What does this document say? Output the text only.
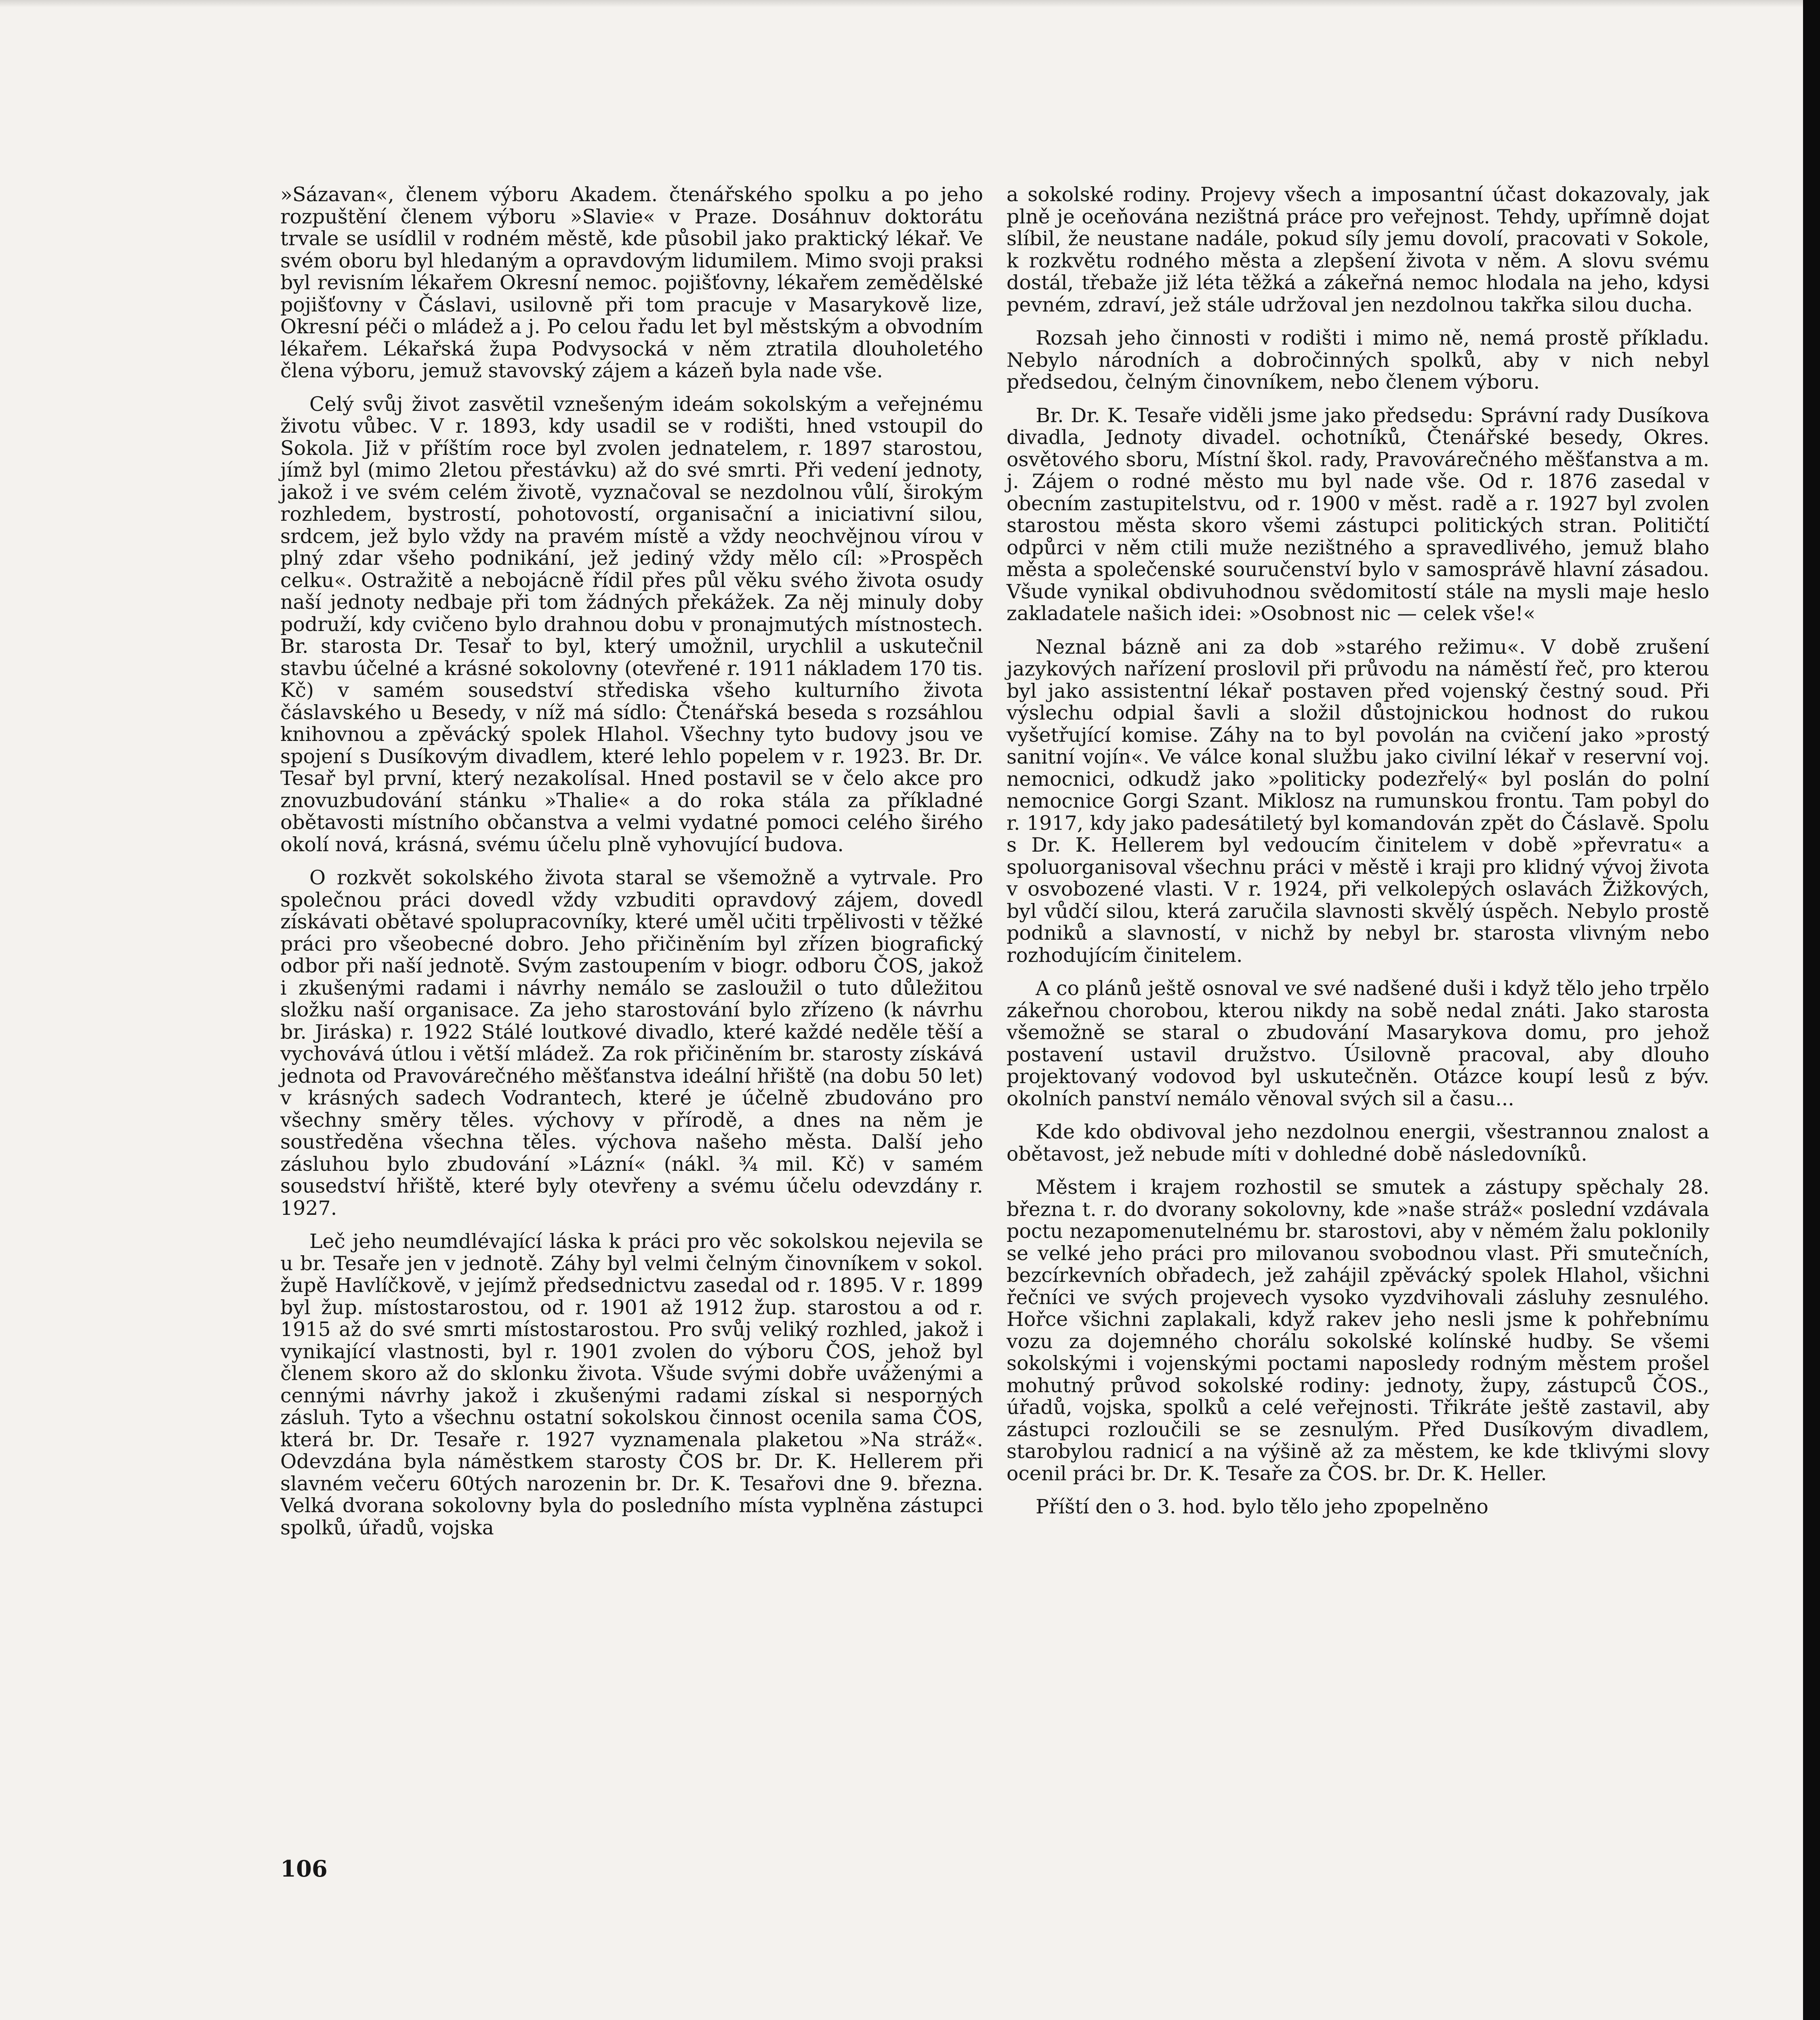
»Sázavan«, členem výboru Akadem. čtenářského spolku a po jeho rozpuštění členem výboru »Slavie« v Praze. Dosáhnuv doktorátu trvale se usídlil v rodném městě, kde působil jako praktický lékař. Ve svém oboru byl hledaným a opravdovým lidumilem. Mimo svoji praksi byl revisním lékařem Okresní nemoc. pojišťovny, lékařem zemědělské pojišťovny v Čáslavi, usilovně při tom pracuje v Masarykově lize, Okresní péči o mládež a j. Po celou řadu let byl městským a obvodním lékařem. Lékařská župa Podvysocká v něm ztratila dlouholetého člena výboru, jemuž stavovský zájem a kázeň byla nade vše.

Celý svůj život zasvětil vznešeným ideám sokolským a veřejnému životu vůbec. V r. 1893, kdy usadil se v rodišti, hned vstoupil do Sokola. Již v příštím roce byl zvolen jednatelem, r. 1897 starostou, jímž byl (mimo 2letou přestávku) až do své smrti. Při vedení jednoty, jakož i ve svém celém životě, vyznačoval se nezdolnou vůlí, širokým rozhledem, bystrostí, pohotovostí, organisační a iniciativní silou, srdcem, jež bylo vždy na pravém místě a vždy neochvějnou vírou v plný zdar všeho podnikání, jež jediný vždy mělo cíl: »Prospěch celku«. Ostražitě a nebojácně řídil přes půl věku svého života osudy naší jednoty nedbaje při tom žádných překážek. Za něj minuly doby podruží, kdy cvičeno bylo drahnou dobu v pronajmutých místnostech. Br. starosta Dr. Tesař to byl, který umožnil, urychlil a uskutečnil stavbu účelné a krásné sokolovny (otevřené r. 1911 nákladem 170 tis. Kč) v samém sousedství střediska všeho kulturního života čáslavského u Besedy, v níž má sídlo: Čtenářská beseda s rozsáhlou knihovnou a zpěvácký spolek Hlahol. Všechny tyto budovy jsou ve spojení s Dusíkovým divadlem, které lehlo popelem v r. 1923. Br. Dr. Tesař byl první, který nezakolísal. Hned postavil se v čelo akce pro znovuzbudování stánku »Thalie« a do roka stála za příkladné obětavosti místního občanstva a velmi vydatné pomoci celého širého okolí nová, krásná, svému účelu plně vyhovující budova.

O rozkvět sokolského života staral se všemožně a vytrvale. Pro společnou práci dovedl vždy vzbuditi opravdový zájem, dovedl získávati obětavé spolupracovníky, které uměl učiti trpělivosti v těžké práci pro všeobecné dobro. Jeho přičiněním byl zřízen biografický odbor při naší jednotě. Svým zastoupením v biogr. odboru ČOS, jakož i zkušenými radami i návrhy nemálo se zasloužil o tuto důležitou složku naší organisace. Za jeho starostování bylo zřízeno (k návrhu br. Jiráska) r. 1922 Stálé loutkové divadlo, které každé neděle těší a vychovává útlou i větší mládež. Za rok přičiněním br. starosty získává jednota od Pravovárečného měšťanstva ideální hřiště (na dobu 50 let) v krásných sadech Vodrantech, které je účelně zbudováno pro všechny směry těles. výchovy v přírodě, a dnes na něm je soustředěna všechna těles. výchova našeho města. Další jeho zásluhou bylo zbudování »Lázní« (nákl. ¾ mil. Kč) v samém sousedství hřiště, které byly otevřeny a svému účelu odevzdány r. 1927.

Leč jeho neumdlévající láska k práci pro věc sokolskou nejevila se u br. Tesaře jen v jednotě. Záhy byl velmi čelným činovníkem v sokol. župě Havlíčkově, v jejímž předsednictvu zasedal od r. 1895. V r. 1899 byl žup. místostarostou, od r. 1901 až 1912 žup. starostou a od r. 1915 až do své smrti místostarostou. Pro svůj veliký rozhled, jakož i vynikající vlastnosti, byl r. 1901 zvolen do výboru ČOS, jehož byl členem skoro až do sklonku života. Všude svými dobře uváženými a cennými návrhy jakož i zkušenými radami získal si nesporných zásluh. Tyto a všechnu ostatní sokolskou činnost ocenila sama ČOS, která br. Dr. Tesaře r. 1927 vyznamenala plaketou »Na stráž«. Odevzdána byla náměstkem starosty ČOS br. Dr. K. Hellerem při slavném večeru 60tých narozenin br. Dr. K. Tesařovi dne 9. března. Velká dvorana sokolovny byla do posledního místa vyplněna zástupci spolků, úřadů, vojska

a sokolské rodiny. Projevy všech a imposantní účast dokazovaly, jak plně je oceňována nezištná práce pro veřejnost. Tehdy, upřímně dojat slíbil, že neustane nadále, pokud síly jemu dovolí, pracovati v Sokole, k rozkvětu rodného města a zlepšení života v něm. A slovu svému dostál, třebaže již léta těžká a zákeřná nemoc hlodala na jeho, kdysi pevném, zdraví, jež stále udržoval jen nezdolnou takřka silou ducha.

Rozsah jeho činnosti v rodišti i mimo ně, nemá prostě příkladu. Nebylo národních a dobročinných spolků, aby v nich nebyl předsedou, čelným činovníkem, nebo členem výboru.

Br. Dr. K. Tesaře viděli jsme jako předsedu: Správní rady Dusíkova divadla, Jednoty divadel. ochotníků, Čtenářské besedy, Okres. osvětového sboru, Místní škol. rady, Pravovárečného měšťanstva a m. j. Zájem o rodné město mu byl nade vše. Od r. 1876 zasedal v obecním zastupitelstvu, od r. 1900 v měst. radě a r. 1927 byl zvolen starostou města skoro všemi zástupci politických stran. Političtí odpůrci v něm ctili muže nezištného a spravedlivého, jemuž blaho města a společenské souručenství bylo v samosprávě hlavní zásadou. Všude vynikal obdivuhodnou svědomitostí stále na mysli maje heslo zakladatele našich idei: »Osobnost nic — celek vše!«

Neznal bázně ani za dob »starého režimu«. V době zrušení jazykových nařízení proslovil při průvodu na náměstí řeč, pro kterou byl jako assistentní lékař postaven před vojenský čestný soud. Při výslechu odpial šavli a složil důstojnickou hodnost do rukou vyšetřující komise. Záhy na to byl povolán na cvičení jako »prostý sanitní vojín«. Ve válce konal službu jako civilní lékař v reservní voj. nemocnici, odkudž jako »politicky podezřelý« byl poslán do polní nemocnice Gorgi Szant. Miklosz na rumunskou frontu. Tam pobyl do r. 1917, kdy jako padesátiletý byl komandován zpět do Čáslavě. Spolu s Dr. K. Hellerem byl vedoucím činitelem v době »převratu« a spoluorganisoval všechnu práci v městě i kraji pro klidný vývoj života v osvobozené vlasti. V r. 1924, při velkolepých oslavách Žižkových, byl vůdčí silou, která zaručila slavnosti skvělý úspěch. Nebylo prostě podniků a slavností, v nichž by nebyl br. starosta vlivným nebo rozhodujícím činitelem.

A co plánů ještě osnoval ve své nadšené duši i když tělo jeho trpělo zákeřnou chorobou, kterou nikdy na sobě nedal znáti. Jako starosta všemožně se staral o zbudování Masarykova domu, pro jehož postavení ustavil družstvo. Úsilovně pracoval, aby dlouho projektovaný vodovod byl uskutečněn. Otázce koupí lesů z býv. okolních panství nemálo věnoval svých sil a času...

Kde kdo obdivoval jeho nezdolnou energii, všestrannou znalost a obětavost, jež nebude míti v dohledné době následovníků.

Městem i krajem rozhostil se smutek a zástupy spěchaly 28. března t. r. do dvorany sokolovny, kde »naše stráž« poslední vzdávala poctu nezapomenutelnému br. starostovi, aby v němém žalu poklonily se velké jeho práci pro milovanou svobodnou vlast. Při smutečních, bezcírkevních obřadech, jež zahájil zpěvácký spolek Hlahol, všichni řečníci ve svých projevech vysoko vyzdvihovali zásluhy zesnulého. Hořce všichni zaplakali, když rakev jeho nesli jsme k pohřebnímu vozu za dojemného chorálu sokolské kolínské hudby. Se všemi sokolskými i vojenskými poctami naposledy rodným městem prošel mohutný průvod sokolské rodiny: jednoty, župy, zástupců ČOS., úřadů, vojska, spolků a celé veřejnosti. Třikráte ještě zastavil, aby zástupci rozloučili se se zesnulým. Před Dusíkovým divadlem, starobylou radnicí a na výšině až za městem, ke kde tklivými slovy ocenil práci br. Dr. K. Tesaře za ČOS. br. Dr. K. Heller.

Příští den o 3. hod. bylo tělo jeho zpopelněno

106
